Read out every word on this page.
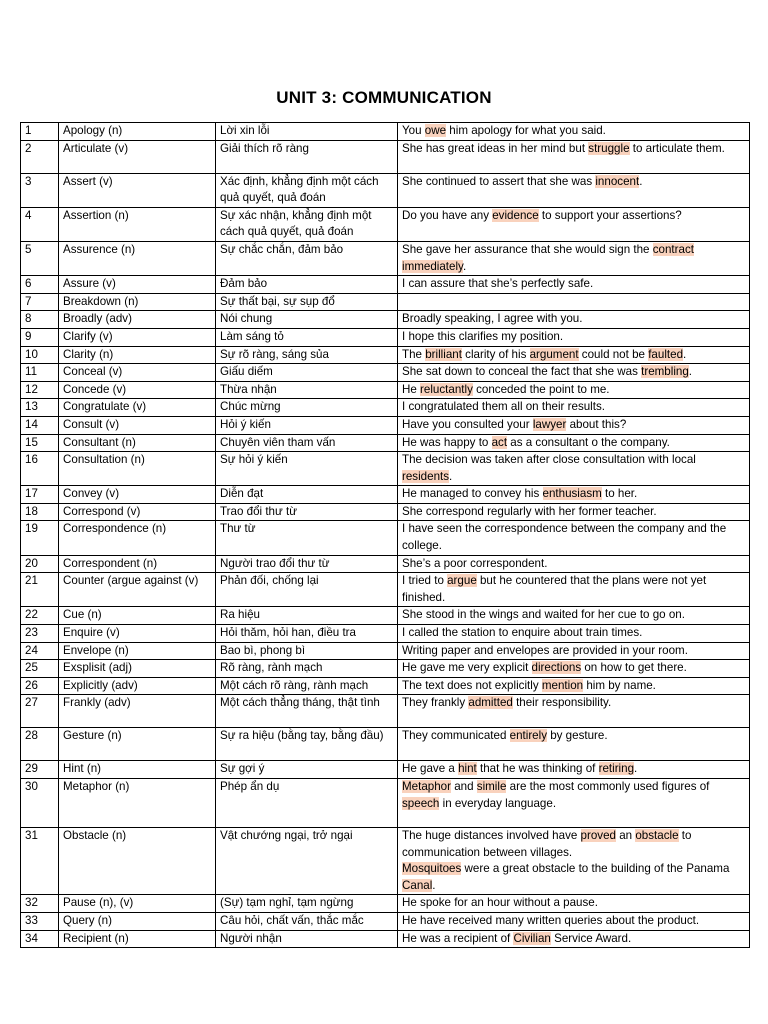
UNIT 3: COMMUNICATION
1	Apology (n)	Lời xin lỗi	You owe him apology for what you said.
2	Articulate (v)	Giải thích rõ ràng	She has great ideas in her mind but struggle to articulate them.
3	Assert (v)	Xác định, khẳng định một cách quả quyết, quả đoán	She continued to assert that she was innocent.
4	Assertion (n)	Sự xác nhận, khẳng định một cách quả quyết, quả đoán	Do you have any evidence to support your assertions?
5	Assurence (n)	Sự chắc chắn, đảm bảo	She gave her assurance that she would sign the contract immediately.
6	Assure (v)	Đảm bảo	I can assure that she’s perfectly safe.
7	Breakdown (n)	Sự thất bại, sự sụp đổ	
8	Broadly (adv)	Nói chung	Broadly speaking, I agree with you.
9	Clarify (v)	Làm sáng tỏ	I hope this clarifies my position.
10	Clarity (n)	Sự rõ ràng, sáng sủa	The brilliant clarity of his argument could not be faulted.
11	Conceal (v)	Giấu diếm	She sat down to conceal the fact that she was trembling.
12	Concede (v)	Thừa nhận	He reluctantly conceded the point to me.
13	Congratulate (v)	Chúc mừng	I congratulated them all on their results.
14	Consult (v)	Hỏi ý kiến	Have you consulted your lawyer about this?
15	Consultant (n)	Chuyên viên tham vấn	He was happy to act as a consultant o the company.
16	Consultation (n)	Sự hỏi ý kiến	The decision was taken after close consultation with local residents.
17	Convey (v)	Diễn đạt	He managed to convey his enthusiasm to her.
18	Correspond (v)	Trao đổi thư từ	She correspond regularly with her former teacher.
19	Correspondence (n)	Thư từ	I have seen the correspondence between the company and the college.
20	Correspondent (n)	Người trao đổi thư từ	She’s a poor correspondent.
21	Counter (argue against (v)	Phản đối, chống lại	I tried to argue but he countered that the plans were not yet finished.
22	Cue (n)	Ra hiệu	She stood in the wings and waited for her cue to go on.
23	Enquire (v)	Hỏi thăm, hỏi han, điều tra	I called the station to enquire about train times.
24	Envelope (n)	Bao bì, phong bì	Writing paper and envelopes are provided in your room.
25	Exsplisit (adj)	Rõ ràng, rành mạch	He gave me very explicit directions on how to get there.
26	Explicitly (adv)	Một cách rõ ràng, rành mạch	The text does not explicitly mention him by name.
27	Frankly (adv)	Một cách thẳng tháng, thật tình	They frankly admitted their responsibility.
28	Gesture (n)	Sự ra hiệu (bằng tay, bằng đầu)	They communicated entirely by gesture.
29	Hint (n)	Sự gợi ý	He gave a hint that he was thinking of retiring.
30	Metaphor (n)	Phép ẩn dụ	Metaphor and simile are the most commonly used figures of speech in everyday language.
31	Obstacle (n)	Vật chướng ngại, trở ngại	The huge distances involved have proved an obstacle to communication between villages.
Mosquitoes were a great obstacle to the building of the Panama Canal.
32	Pause (n), (v)	(Sự) tạm nghỉ, tạm ngừng	He spoke for an hour without a pause.
33	Query (n)	Câu hỏi, chất vấn, thắc mắc	He have received many written queries about the product.
34	Recipient (n)	Người nhận	He was a recipient of Civilian Service Award.
